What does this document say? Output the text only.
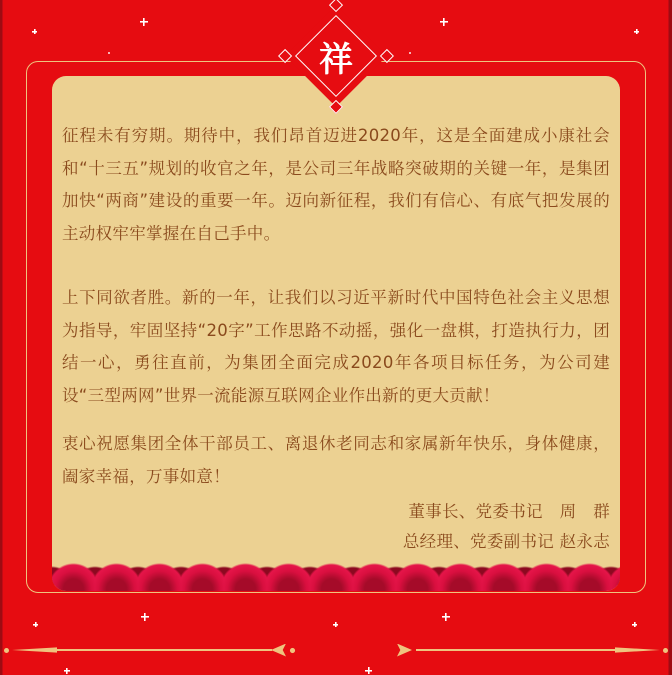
征程未有穷期。期待中，我们昂首迈进2020年，这是全面建成小康社会和“十三五”规划的收官之年，是公司三年战略突破期的关键一年，是集团加快“两商”建设的重要一年。迈向新征程，我们有信心、有底气把发展的主动权牢牢掌握在自己手中。

上下同欲者胜。新的一年，让我们以习近平新时代中国特色社会主义思想为指导，牢固坚持“20字”工作思路不动摇，强化一盘棋，打造执行力，团结一心，勇往直前，为集团全面完成2020年各项目标任务，为公司建设“三型两网”世界一流能源互联网企业作出新的更大贡献！

衷心祝愿集团全体干部员工、离退休老同志和家属新年快乐，身体健康，阖家幸福，万事如意！

董事长、党委书记　周　群
总经理、党委副书记 赵永志
祥
